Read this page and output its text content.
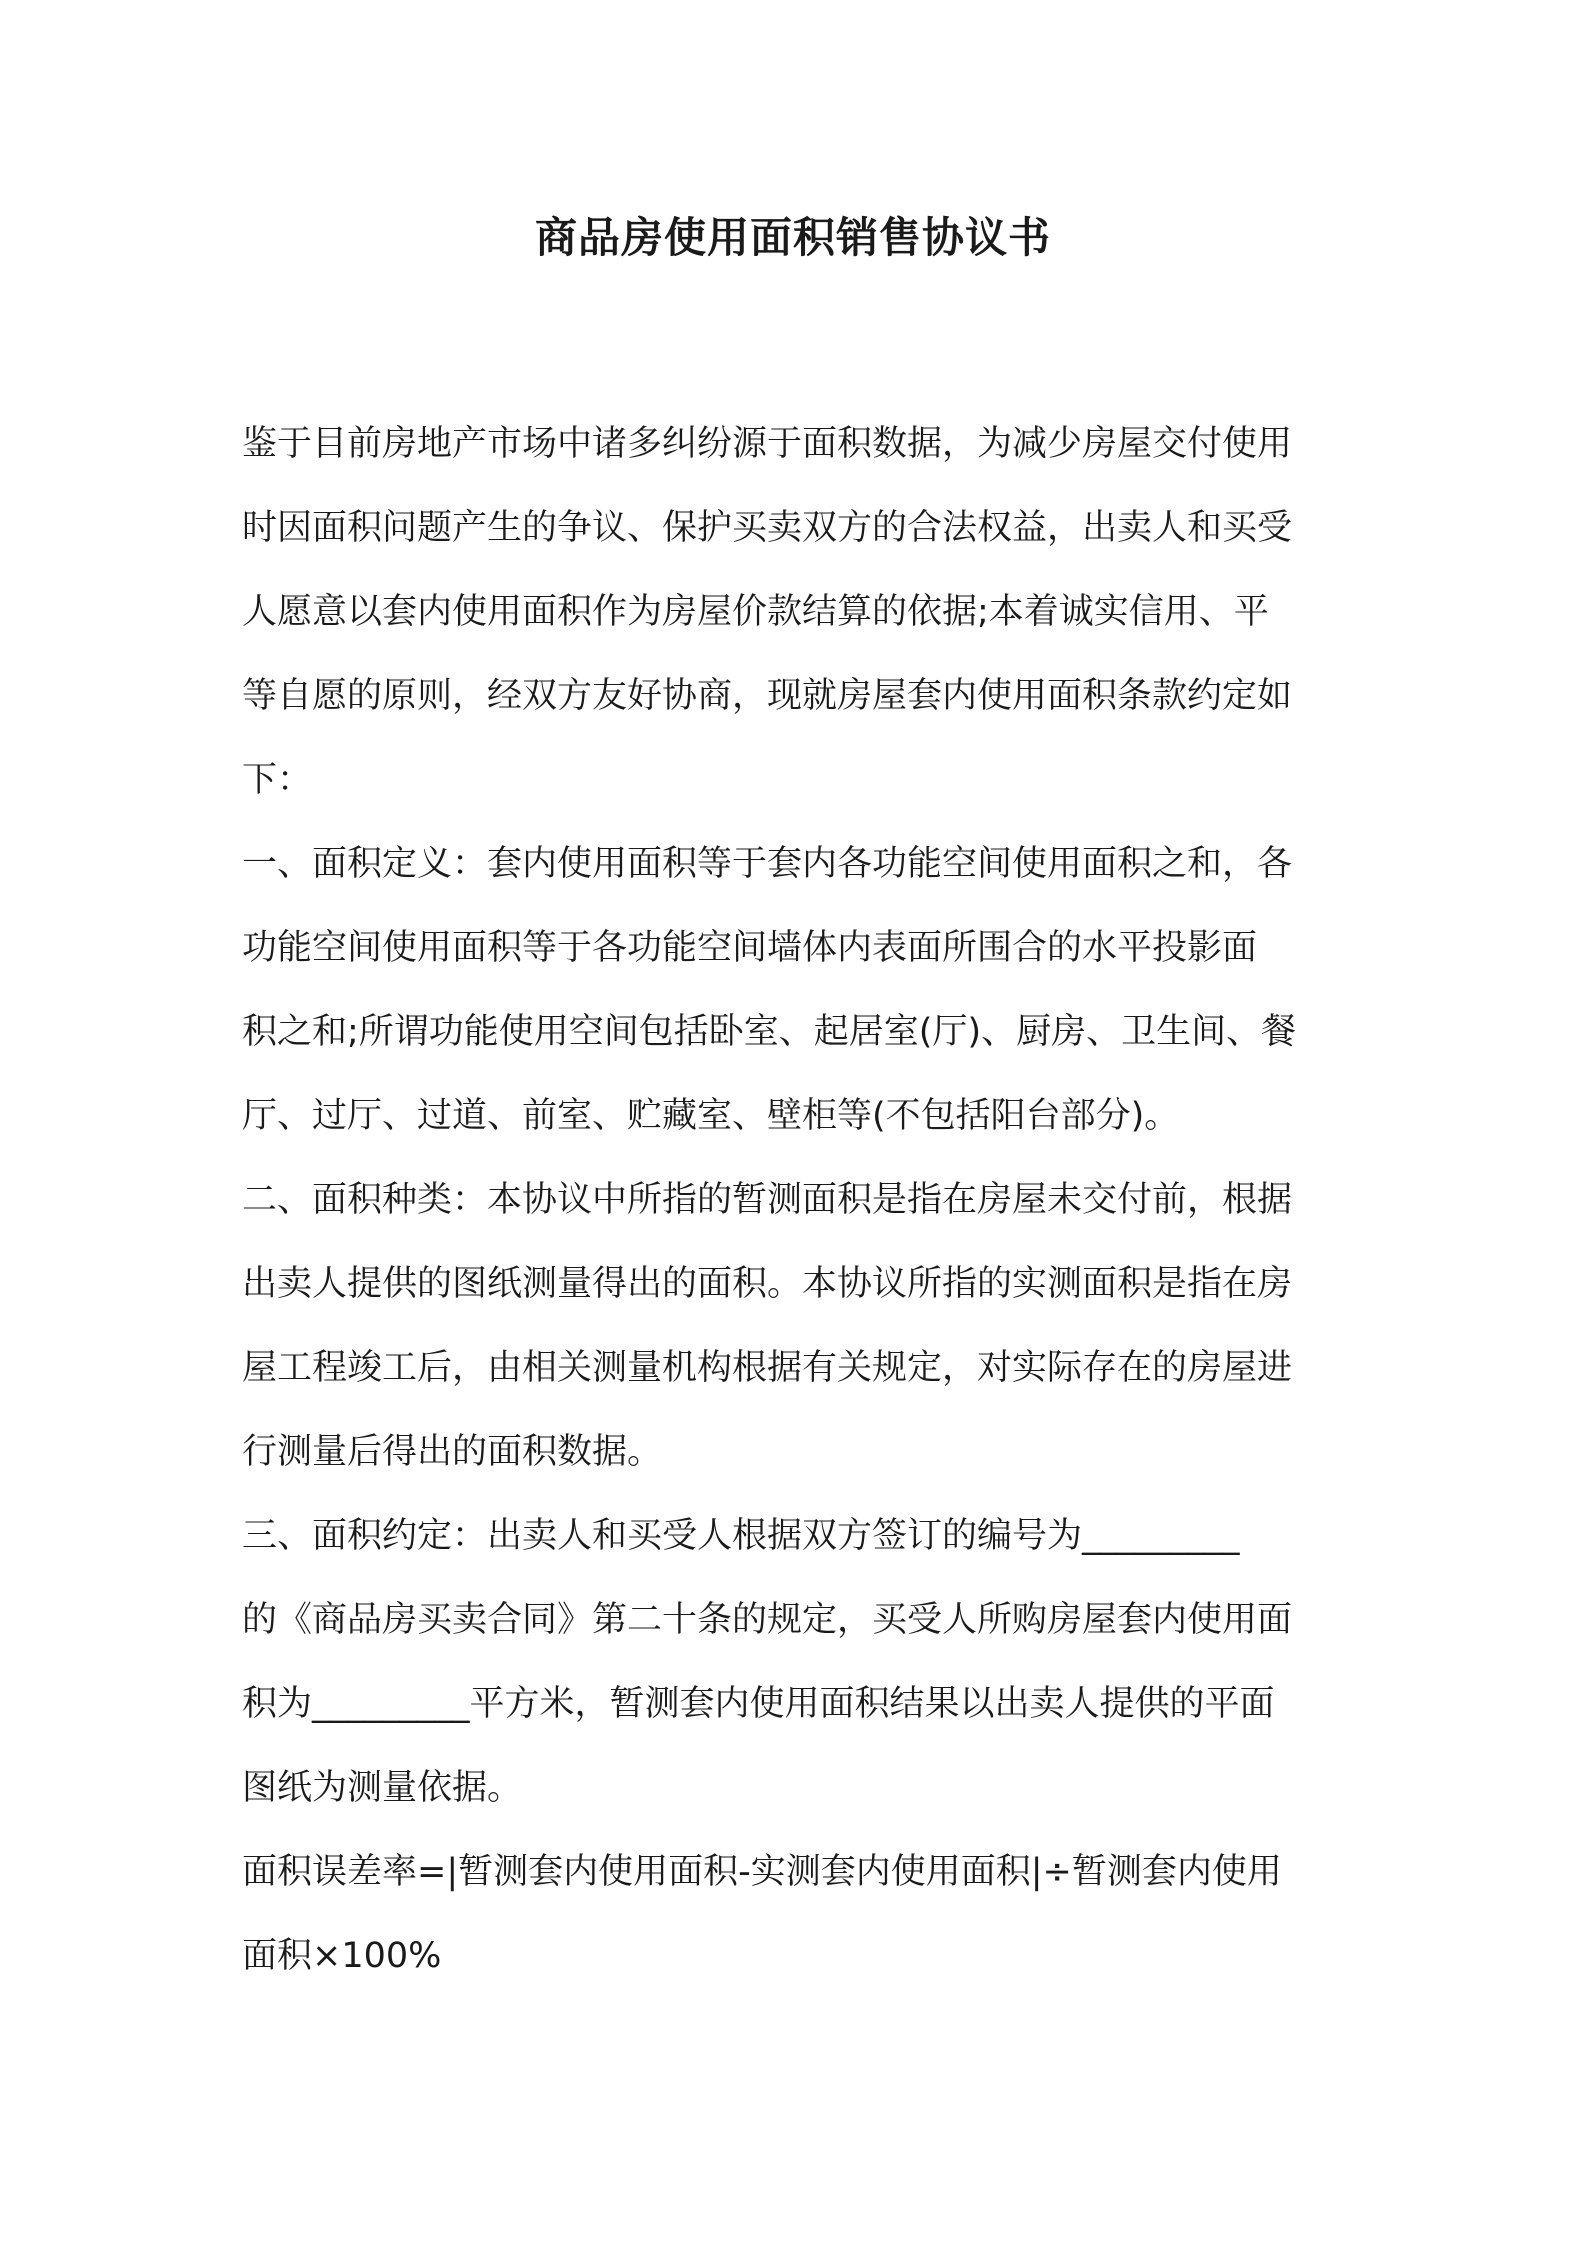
商品房使用面积销售协议书
鉴于目前房地产市场中诸多纠纷源于面积数据，为减少房屋交付使用
时因面积问题产生的争议、保护买卖双方的合法权益，出卖人和买受
人愿意以套内使用面积作为房屋价款结算的依据;本着诚实信用、平
等自愿的原则，经双方友好协商，现就房屋套内使用面积条款约定如
下：
一、面积定义：套内使用面积等于套内各功能空间使用面积之和，各
功能空间使用面积等于各功能空间墙体内表面所围合的水平投影面
积之和;所谓功能使用空间包括卧室、起居室(厅)、厨房、卫生间、餐
厅、过厅、过道、前室、贮藏室、壁柜等(不包括阳台部分)。
二、面积种类：本协议中所指的暂测面积是指在房屋未交付前，根据
出卖人提供的图纸测量得出的面积。本协议所指的实测面积是指在房
屋工程竣工后，由相关测量机构根据有关规定，对实际存在的房屋进
行测量后得出的面积数据。
三、面积约定：出卖人和买受人根据双方签订的编号为_________
的《商品房买卖合同》第二十条的规定，买受人所购房屋套内使用面
积为_________平方米，暂测套内使用面积结果以出卖人提供的平面
图纸为测量依据。
面积误差率=|暂测套内使用面积-实测套内使用面积|÷暂测套内使用
面积×100%
